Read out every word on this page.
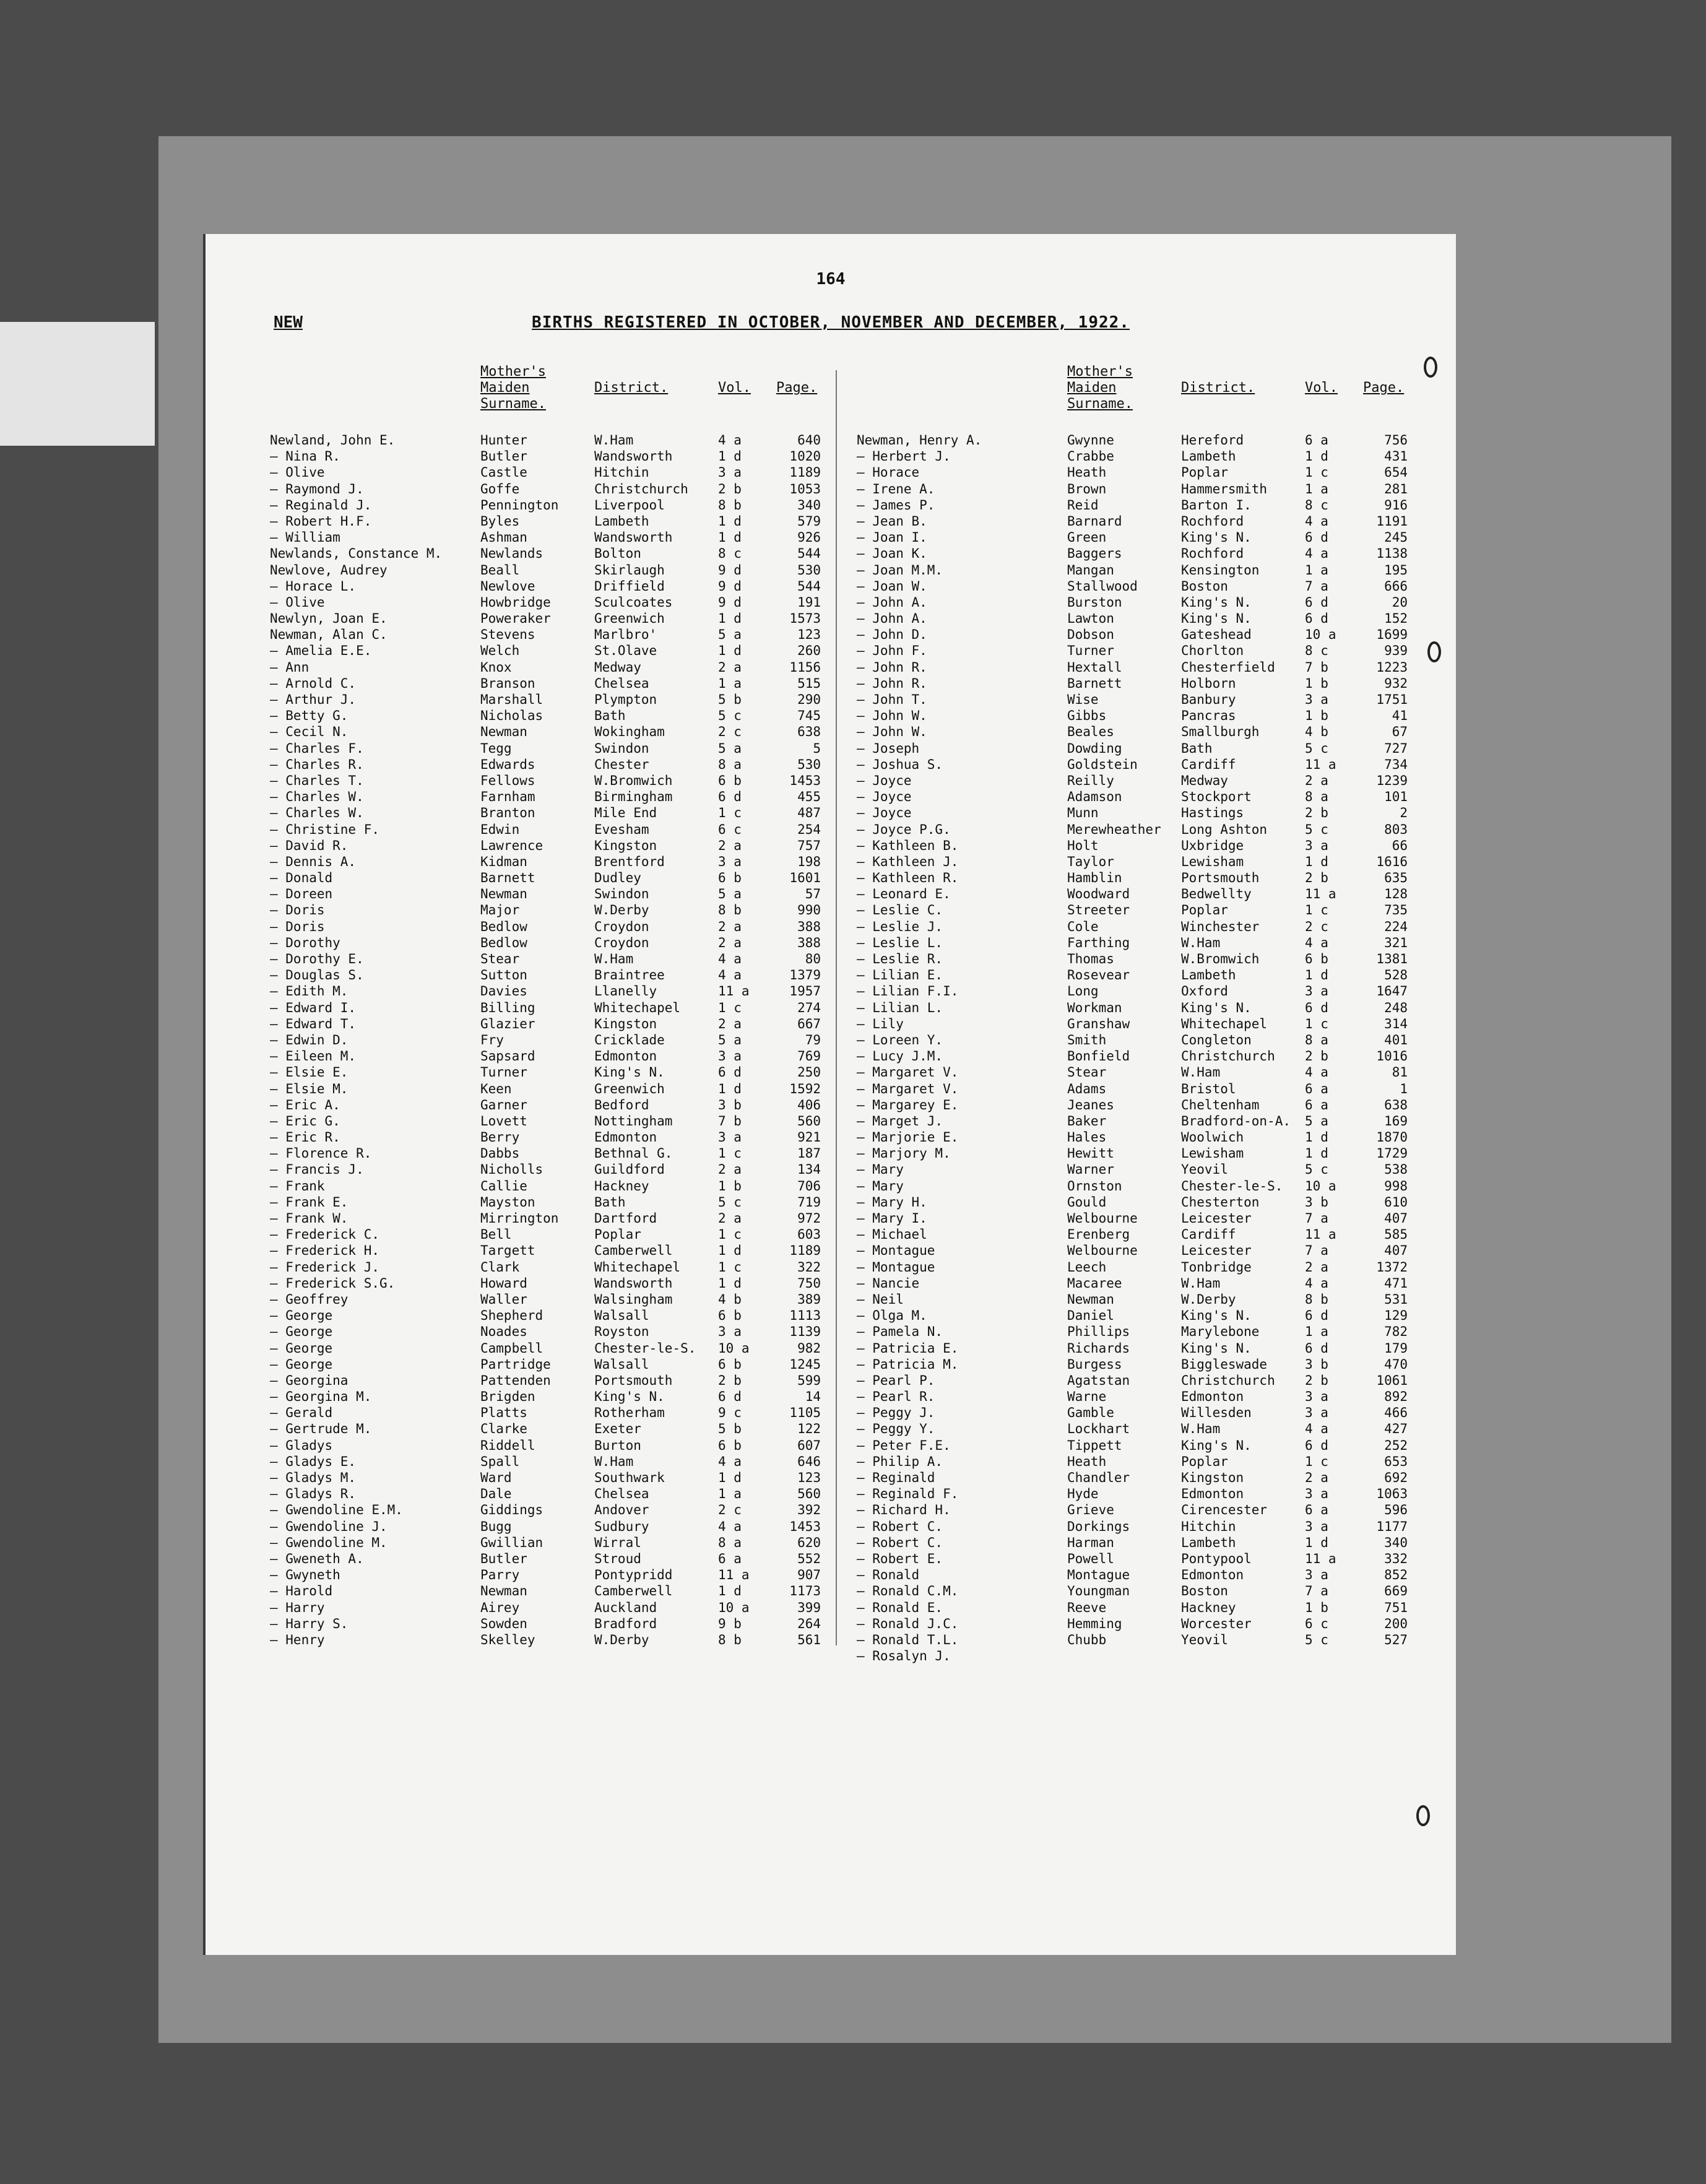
164
NEW	BIRTHS REGISTERED IN OCTOBER, NOVEMBER AND DECEMBER, 1922.
Mother's
Maiden
Surname.
District.	Vol. Page.
Newland, John E.	Hunter	W.Ham	4 a	640
— Nina R.	Butler	Wandsworth	1 d	1020
— Olive	Castle	Hitchin	3 a	1189
— Raymond J.	Goffe	Christchurch	2 b	1053
— Reginald J.	Pennington	Liverpool	8 b	340
— Robert H.F.	Byles	Lambeth	1 d	579
— William	Ashman	Wandsworth	1 d	926
Newlands, Constance M.	Newlands	Bolton	8 c	544
Newlove, Audrey	Beall	Skirlaugh	9 d	530
— Horace L.	Newlove	Driffield	9 d	544
— Olive	Howbridge	Sculcoates	9 d	191
Newlyn, Joan E.	Poweraker	Greenwich	1 d	1573
Newman, Alan C.	Stevens	Marlbro'	5 a	123
— Amelia E.E.	Welch	St.Olave	1 d	260
— Ann	Knox	Medway	2 a	1156
— Arnold C.	Branson	Chelsea	1 a	515
— Arthur J.	Marshall	Plympton	5 b	290
— Betty G.	Nicholas	Bath	5 c	745
— Cecil N.	Newman	Wokingham	2 c	638
— Charles F.	Tegg	Swindon	5 a	5
— Charles R.	Edwards	Chester	8 a	530
— Charles T.	Fellows	W.Bromwich	6 b	1453
— Charles W.	Farnham	Birmingham	6 d	455
— Charles W.	Branton	Mile End	1 c	487
— Christine F.	Edwin	Evesham	6 c	254
— David R.	Lawrence	Kingston	2 a	757
— Dennis A.	Kidman	Brentford	3 a	198
— Donald	Barnett	Dudley	6 b	1601
— Doreen	Newman	Swindon	5 a	57
— Doris	Major	W.Derby	8 b	990
— Doris	Bedlow	Croydon	2 a	388
— Dorothy	Bedlow	Croydon	2 a	388
— Dorothy E.	Stear	W.Ham	4 a	80
— Douglas S.	Sutton	Braintree	4 a	1379
— Edith M.	Davies	Llanelly	11 a	1957
— Edward I.	Billing	Whitechapel	1 c	274
— Edward T.	Glazier	Kingston	2 a	667
— Edwin D.	Fry	Cricklade	5 a	79
— Eileen M.	Sapsard	Edmonton	3 a	769
— Elsie E.	Turner	King's N.	6 d	250
— Elsie M.	Keen	Greenwich	1 d	1592
— Eric A.	Garner	Bedford	3 b	406
— Eric G.	Lovett	Nottingham	7 b	560
— Eric R.	Berry	Edmonton	3 a	921
— Florence R.	Dabbs	Bethnal G.	1 c	187
— Francis J.	Nicholls	Guildford	2 a	134
— Frank	Callie	Hackney	1 b	706
— Frank E.	Mayston	Bath	5 c	719
— Frank W.	Mirrington	Dartford	2 a	972
— Frederick C.	Bell	Poplar	1 c	603
— Frederick H.	Targett	Camberwell	1 d	1189
— Frederick J.	Clark	Whitechapel	1 c	322
— Frederick S.G.	Howard	Wandsworth	1 d	750
— Geoffrey	Waller	Walsingham	4 b	389
— George	Shepherd	Walsall	6 b	1113
— George	Noades	Royston	3 a	1139
— George	Campbell	Chester-le-S.	10 a	982
— George	Partridge	Walsall	6 b	1245
— Georgina	Pattenden	Portsmouth	2 b	599
— Georgina M.	Brigden	King's N.	6 d	14
— Gerald	Platts	Rotherham	9 c	1105
— Gertrude M.	Clarke	Exeter	5 b	122
— Gladys	Riddell	Burton	6 b	607
— Gladys E.	Spall	W.Ham	4 a	646
— Gladys M.	Ward	Southwark	1 d	123
— Gladys R.	Dale	Chelsea	1 a	560
— Gwendoline E.M.	Giddings	Andover	2 c	392
— Gwendoline J.	Bugg	Sudbury	4 a	1453
— Gwendoline M.	Gwillian	Wirral	8 a	620
— Gweneth A.	Butler	Stroud	6 a	552
— Gwyneth	Parry	Pontypridd	11 a	907
— Harold	Newman	Camberwell	1 d	1173
— Harry	Airey	Auckland	10 a	399
— Harry S.	Sowden	Bradford	9 b	264
— Henry	Skelley	W.Derby	8 b	561
Mother's
Maiden
Surname.
District.	Vol. Page.
Newman, Henry A.	Gwynne	Hereford	6 a	756
— Herbert J.	Crabbe	Lambeth	1 d	431
— Horace	Heath	Poplar	1 c	654
— Irene A.	Brown	Hammersmith	1 a	281
— James P.	Reid	Barton I.	8 c	916
— Jean B.	Barnard	Rochford	4 a	1191
— Joan I.	Green	King's N.	6 d	245
— Joan K.	Baggers	Rochford	4 a	1138
— Joan M.M.	Mangan	Kensington	1 a	195
— Joan W.	Stallwood	Boston	7 a	666
— John A.	Burston	King's N.	6 d	20
— John A.	Lawton	King's N.	6 d	152
— John D.	Dobson	Gateshead	10 a	1699
— John F.	Turner	Chorlton	8 c	939
— John R.	Hextall	Chesterfield	7 b	1223
— John R.	Barnett	Holborn	1 b	932
— John T.	Wise	Banbury	3 a	1751
— John W.	Gibbs	Pancras	1 b	41
— John W.	Beales	Smallburgh	4 b	67
— Joseph	Dowding	Bath	5 c	727
— Joshua S.	Goldstein	Cardiff	11 a	734
— Joyce	Reilly	Medway	2 a	1239
— Joyce	Adamson	Stockport	8 a	101
— Joyce	Munn	Hastings	2 b	2
— Joyce P.G.	Merewheather	Long Ashton	5 c	803
— Kathleen B.	Holt	Uxbridge	3 a	66
— Kathleen J.	Taylor	Lewisham	1 d	1616
— Kathleen R.	Hamblin	Portsmouth	2 b	635
— Leonard E.	Woodward	Bedwellty	11 a	128
— Leslie C.	Streeter	Poplar	1 c	735
— Leslie J.	Cole	Winchester	2 c	224
— Leslie L.	Farthing	W.Ham	4 a	321
— Leslie R.	Thomas	W.Bromwich	6 b	1381
— Lilian E.	Rosevear	Lambeth	1 d	528
— Lilian F.I.	Long	Oxford	3 a	1647
— Lilian L.	Workman	King's N.	6 d	248
— Lily	Granshaw	Whitechapel	1 c	314
— Loreen Y.	Smith	Congleton	8 a	401
— Lucy J.M.	Bonfield	Christchurch	2 b	1016
— Margaret V.	Stear	W.Ham	4 a	81
— Margaret V.	Adams	Bristol	6 a	1
— Margarey E.	Jeanes	Cheltenham	6 a	638
— Marget J.	Baker	Bradford-on-A.	5 a	169
— Marjorie E.	Hales	Woolwich	1 d	1870
— Marjory M.	Hewitt	Lewisham	1 d	1729
— Mary	Warner	Yeovil	5 c	538
— Mary	Ornston	Chester-le-S.	10 a	998
— Mary H.	Gould	Chesterton	3 b	610
— Mary I.	Welbourne	Leicester	7 a	407
— Michael	Erenberg	Cardiff	11 a	585
— Montague	Welbourne	Leicester	7 a	407
— Montague	Leech	Tonbridge	2 a	1372
— Nancie	Macaree	W.Ham	4 a	471
— Neil	Newman	W.Derby	8 b	531
— Olga M.	Daniel	King's N.	6 d	129
— Pamela N.	Phillips	Marylebone	1 a	782
— Patricia E.	Richards	King's N.	6 d	179
— Patricia M.	Burgess	Biggleswade	3 b	470
— Pearl P.	Agatstan	Christchurch	2 b	1061
— Pearl R.	Warne	Edmonton	3 a	892
— Peggy J.	Gamble	Willesden	3 a	466
— Peggy Y.	Lockhart	W.Ham	4 a	427
— Peter F.E.	Tippett	King's N.	6 d	252
— Philip A.	Heath	Poplar	1 c	653
— Reginald	Chandler	Kingston	2 a	692
— Reginald F.	Hyde	Edmonton	3 a	1063
— Richard H.	Grieve	Cirencester	6 a	596
— Robert C.	Dorkings	Hitchin	3 a	1177
— Robert C.	Harman	Lambeth	1 d	340
— Robert E.	Powell	Pontypool	11 a	332
— Ronald	Montague	Edmonton	3 a	852
— Ronald C.M.	Youngman	Boston	7 a	669
— Ronald E.	Reeve	Hackney	1 b	751
— Ronald J.C.	Hemming	Worcester	6 c	200
— Ronald T.L.	Chubb	Yeovil	5 c	527
— Rosalyn J.
